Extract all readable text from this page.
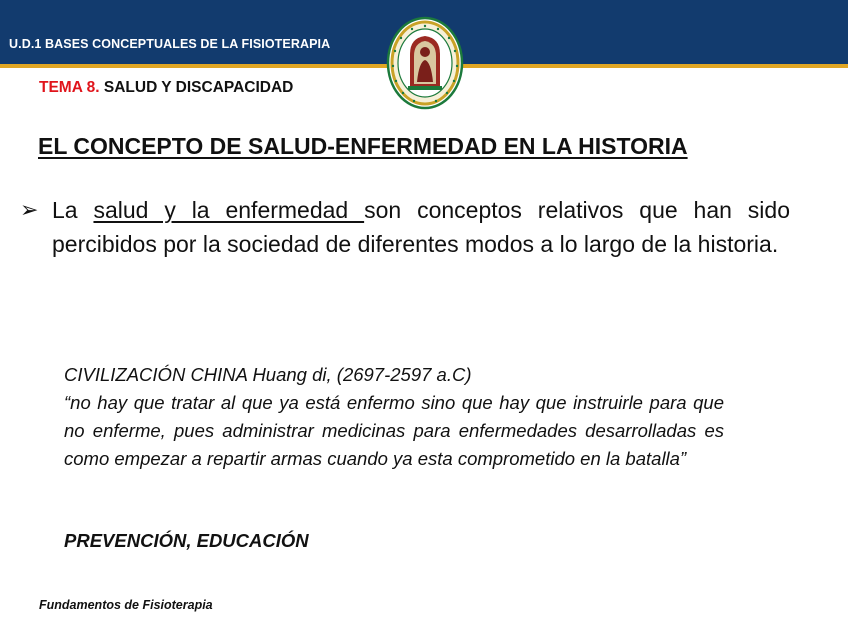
U.D.1 BASES CONCEPTUALES DE LA FISIOTERAPIA
TEMA 8. SALUD Y DISCAPACIDAD
EL CONCEPTO DE SALUD-ENFERMEDAD EN LA HISTORIA
➢ La salud y la enfermedad son conceptos relativos que han sido percibidos por la sociedad de diferentes modos a lo largo de la historia.

CIVILIZACIÓN CHINA Huang di, (2697-2597 a.C)

“no hay que tratar al que ya está enfermo sino que hay que instruirle para que no enferme, pues administrar medicinas para enfermedades desarrolladas es como empezar a repartir armas cuando ya esta comprometido en la batalla”

PREVENCIÓN, EDUCACIÓN
Fundamentos de Fisioterapia
